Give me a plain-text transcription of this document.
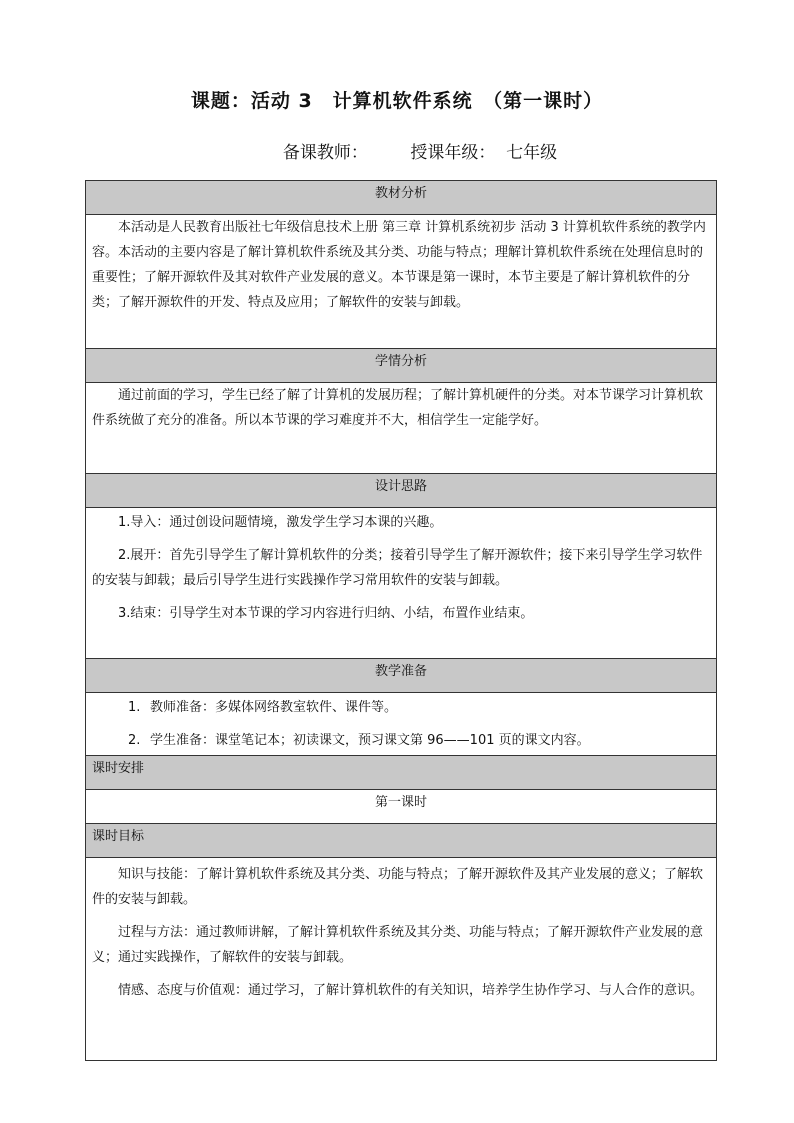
课题：活动 3　计算机软件系统　（第一课时）
备课教师：　　　授课年级：  七年级
教材分析

本活动是人民教育出版社七年级信息技术上册 第三章 计算机系统初步 活动 3 计算机软件系统的教学内容。本活动的主要内容是了解计算机软件系统及其分类、功能与特点；理解计算机软件系统在处理信息时的重要性；了解开源软件及其对软件产业发展的意义。本节课是第一课时，本节主要是了解计算机软件的分类；了解开源软件的开发、特点及应用；了解软件的安装与卸载。

学情分析

通过前面的学习，学生已经了解了计算机的发展历程；了解计算机硬件的分类。对本节课学习计算机软件系统做了充分的准备。所以本节课的学习难度并不大，相信学生一定能学好。

设计思路

1.导入：通过创设问题情境，激发学生学习本课的兴趣。

2.展开：首先引导学生了解计算机软件的分类；接着引导学生了解开源软件；接下来引导学生学习软件的安装与卸载；最后引导学生进行实践操作学习常用软件的安装与卸载。

3.结束：引导学生对本节课的学习内容进行归纳、小结，布置作业结束。

教学准备

1. 教师准备：多媒体网络教室软件、课件等。

2. 学生准备：课堂笔记本；初读课文，预习课文第 96——101 页的课文内容。

课时安排
第一课时
课时目标

知识与技能：了解计算机软件系统及其分类、功能与特点；了解开源软件及其产业发展的意义；了解软件的安装与卸载。

过程与方法：通过教师讲解，了解计算机软件系统及其分类、功能与特点；了解开源软件产业发展的意义；通过实践操作，了解软件的安装与卸载。

情感、态度与价值观：通过学习，了解计算机软件的有关知识，培养学生协作学习、与人合作的意识。
